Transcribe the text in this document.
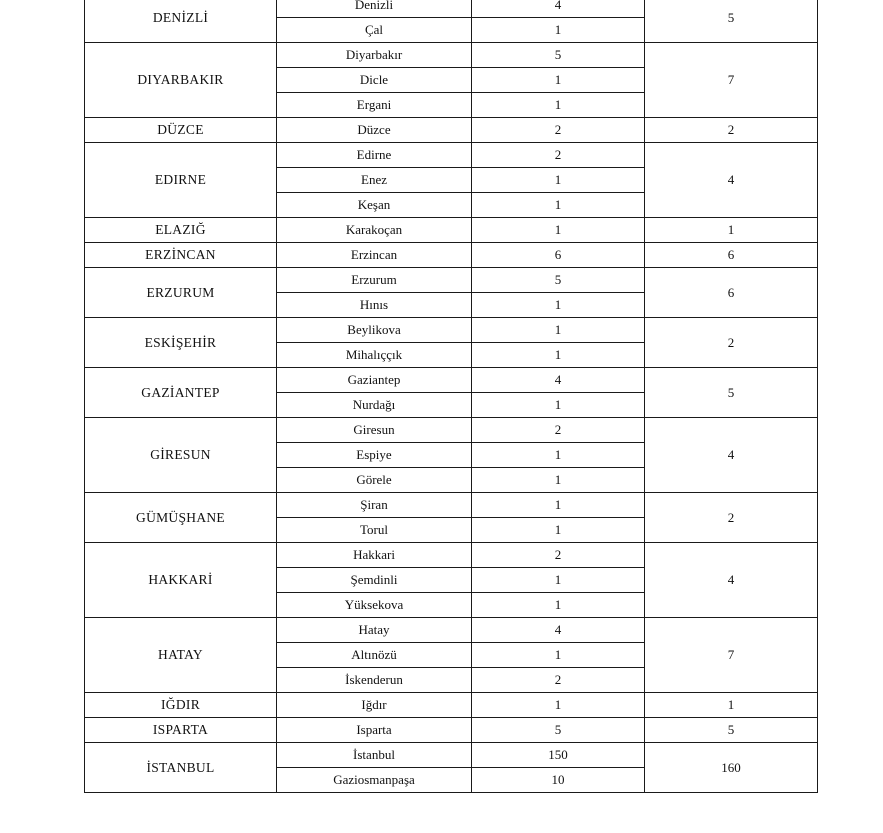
DENİZLİ	Denizli	4	5
	Çal	1	
DIYARBAKIR	Diyarbakır	5	7
	Dicle	1	
	Ergani	1	
DÜZCE	Düzce	2	2
EDIRNE	Edirne	2	4
	Enez	1	
	Keşan	1	
ELAZIĞ	Karakoçan	1	1
ERZİNCAN	Erzincan	6	6
ERZURUM	Erzurum	5	6
	Hınıs	1	
ESKİŞEHİR	Beylikova	1	2
	Mihalıççık	1	
GAZİANTEP	Gaziantep	4	5
	Nurdağı	1	
GİRESUN	Giresun	2	4
	Espiye	1	
	Görele	1	
GÜMÜŞHANE	Şiran	1	2
	Torul	1	
HAKKARİ	Hakkari	2	4
	Şemdinli	1	
	Yüksekova	1	
HATAY	Hatay	4	7
	Altınözü	1	
	İskenderun	2	
IĞDIR	Iğdır	1	1
ISPARTA	Isparta	5	5
İSTANBUL	İstanbul	150	160
	Gaziosmanpaşa	10	
